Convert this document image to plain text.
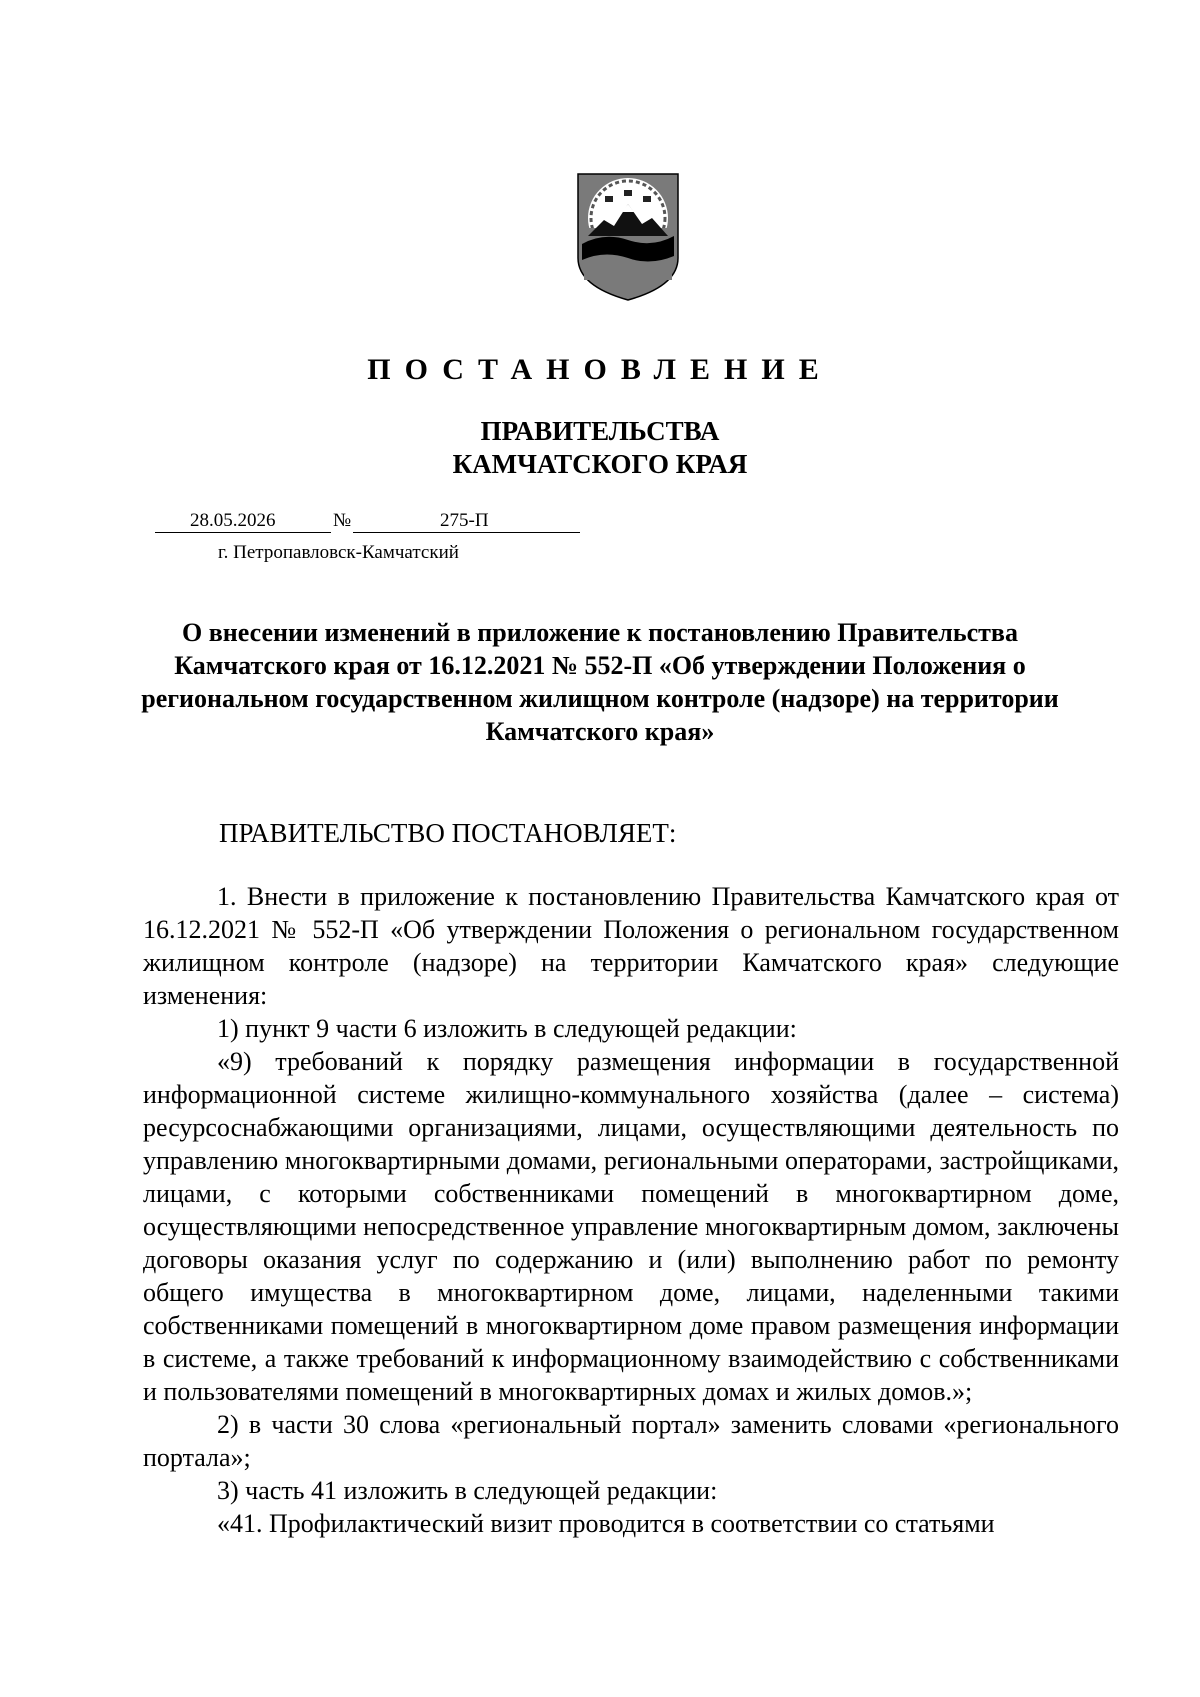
ПОСТАНОВЛЕНИЕ
ПРАВИТЕЛЬСТВА
КАМЧАТСКОГО КРАЯ
28.05.2026	№	275-П
г. Петропавловск-Камчатский
О внесении изменений в приложение к постановлению Правительства Камчатского края от 16.12.2021 № 552-П «Об утверждении Положения о региональном государственном жилищном контроле (надзоре) на территории Камчатского края»
ПРАВИТЕЛЬСТВО ПОСТАНОВЛЯЕТ:

1. Внести в приложение к постановлению Правительства Камчатского края от 16.12.2021 № 552-П «Об утверждении Положения о региональном государственном жилищном контроле (надзоре) на территории Камчатского края» следующие изменения:

1) пункт 9 части 6 изложить в следующей редакции:

«9) требований к порядку размещения информации в государственной информационной системе жилищно-коммунального хозяйства (далее – система) ресурсоснабжающими организациями, лицами, осуществляющими деятельность по управлению многоквартирными домами, региональными операторами, застройщиками, лицами, с которыми собственниками помещений в многоквартирном доме, осуществляющими непосредственное управление многоквартирным домом, заключены договоры оказания услуг по содержанию и (или) выполнению работ по ремонту общего имущества в многоквартирном доме, лицами, наделенными такими собственниками помещений в многоквартирном доме правом размещения информации в системе, а также требований к информационному взаимодействию с собственниками и пользователями помещений в многоквартирных домах и жилых домов.»;

2) в части 30 слова «региональный портал» заменить словами «регионального портала»;

3) часть 41 изложить в следующей редакции:

«41. Профилактический визит проводится в соответствии со статьями
